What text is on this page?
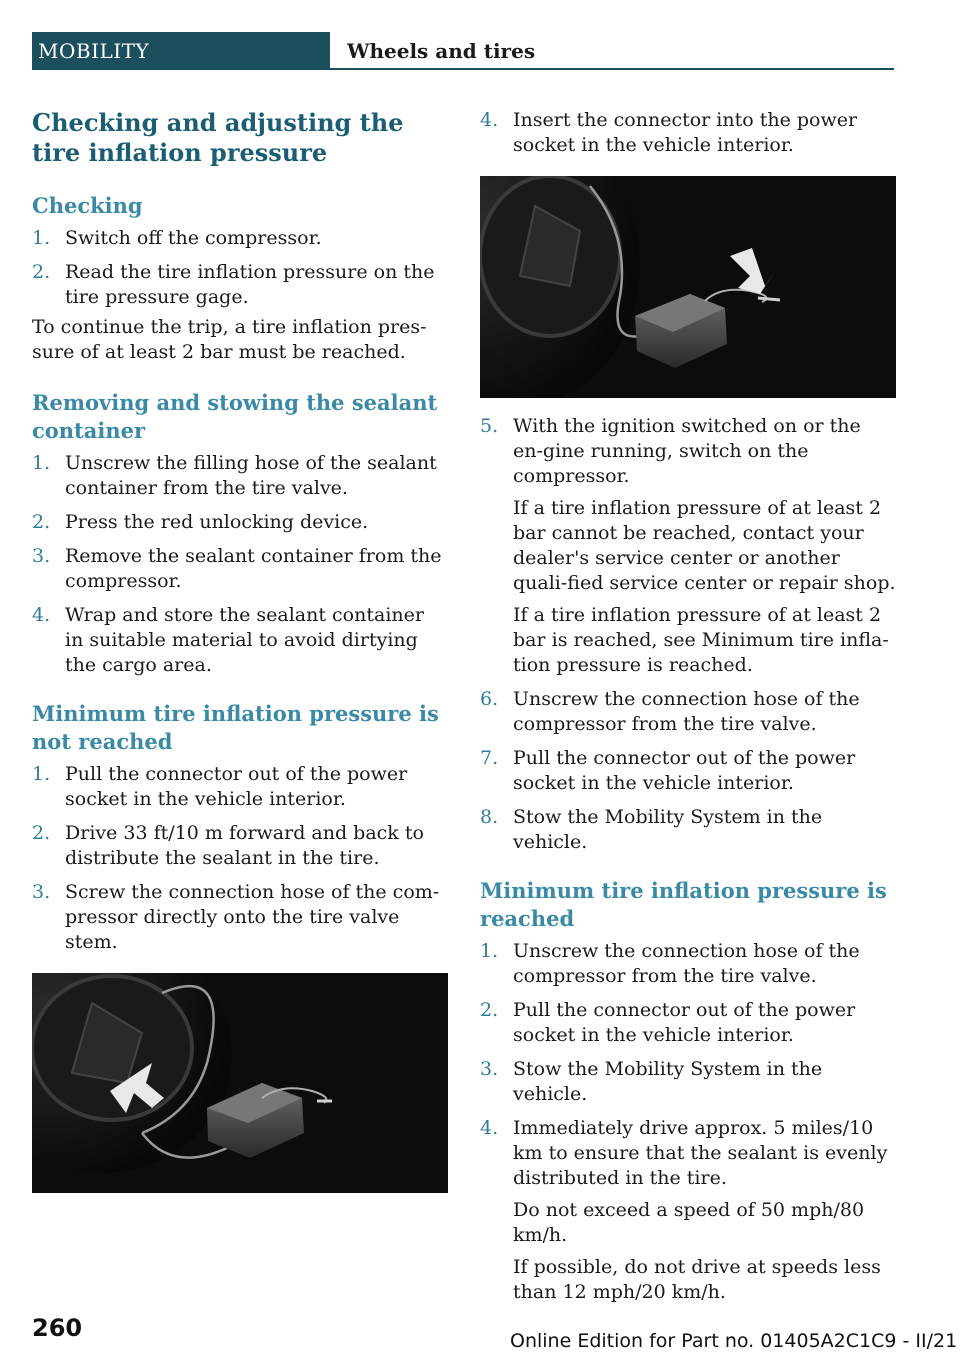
MOBILITY	Wheels and tires
Checking and adjusting the tire inflation pressure
Checking
1. Switch off the compressor.
2. Read the tire inflation pressure on the tire pressure gage.

To continue the trip, a tire inflation pres-sure of at least 2 bar must be reached.

Removing and stowing the sealant container
1. Unscrew the filling hose of the sealant container from the tire valve.
2. Press the red unlocking device.
3. Remove the sealant container from the compressor.
4. Wrap and store the sealant container in suitable material to avoid dirtying the cargo area.
Minimum tire inflation pressure is not reached
1. Pull the connector out of the power socket in the vehicle interior.
2. Drive 33 ft/10 m forward and back to distribute the sealant in the tire.
3. Screw the connection hose of the com-pressor directly onto the tire valve stem.
4. Insert the connector into the power socket in the vehicle interior.
5. With the ignition switched on or the en-gine running, switch on the compressor.
If a tire inflation pressure of at least 2 bar cannot be reached, contact your dealer's service center or another quali-fied service center or repair shop.
If a tire inflation pressure of at least 2 bar is reached, see Minimum tire infla-tion pressure is reached.
6. Unscrew the connection hose of the compressor from the tire valve.
7. Pull the connector out of the power socket in the vehicle interior.
8. Stow the Mobility System in the vehicle.
Minimum tire inflation pressure is reached
1. Unscrew the connection hose of the compressor from the tire valve.
2. Pull the connector out of the power socket in the vehicle interior.
3. Stow the Mobility System in the vehicle.
4. Immediately drive approx. 5 miles/10 km to ensure that the sealant is evenly distributed in the tire.
Do not exceed a speed of 50 mph/80 km/h.
If possible, do not drive at speeds less than 12 mph/20 km/h.
260	Online Edition for Part no. 01405A2C1C9 - II/21
